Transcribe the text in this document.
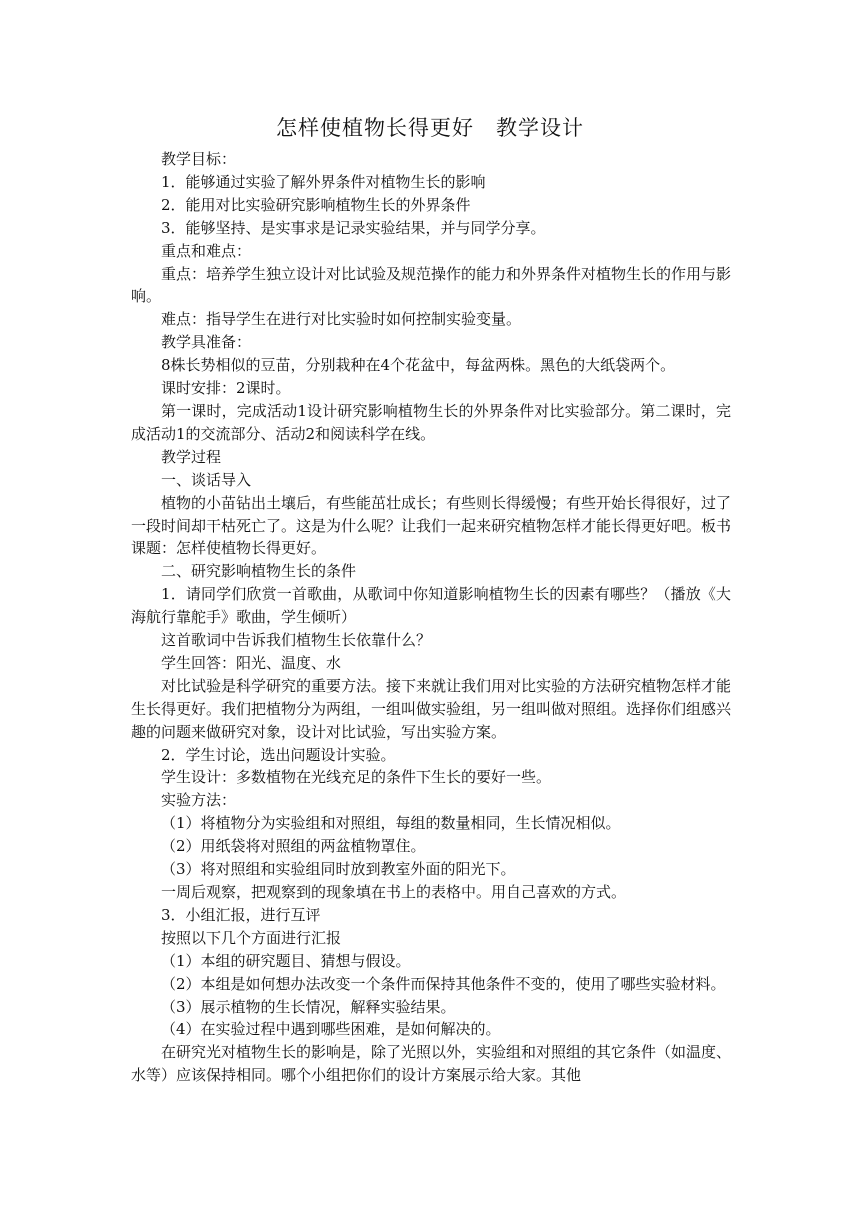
怎样使植物长得更好　教学设计

教学目标：

1．能够通过实验了解外界条件对植物生长的影响

2．能用对比实验研究影响植物生长的外界条件

3．能够坚持、是实事求是记录实验结果，并与同学分享。

重点和难点：

重点：培养学生独立设计对比试验及规范操作的能力和外界条件对植物生长的作用与影响。

难点：指导学生在进行对比实验时如何控制实验变量。

教学具准备：

8株长势相似的豆苗，分别栽种在4个花盆中，每盆两株。黑色的大纸袋两个。

课时安排：2课时。

第一课时，完成活动1设计研究影响植物生长的外界条件对比实验部分。第二课时，完成活动1的交流部分、活动2和阅读科学在线。

教学过程

一、谈话导入

植物的小苗钻出土壤后，有些能茁壮成长；有些则长得缓慢；有些开始长得很好，过了一段时间却干枯死亡了。这是为什么呢？让我们一起来研究植物怎样才能长得更好吧。板书课题：怎样使植物长得更好。

二、研究影响植物生长的条件

1．请同学们欣赏一首歌曲，从歌词中你知道影响植物生长的因素有哪些？（播放《大海航行靠舵手》歌曲，学生倾听）

这首歌词中告诉我们植物生长依靠什么？

学生回答：阳光、温度、水

对比试验是科学研究的重要方法。接下来就让我们用对比实验的方法研究植物怎样才能生长得更好。我们把植物分为两组，一组叫做实验组，另一组叫做对照组。选择你们组感兴趣的问题来做研究对象，设计对比试验，写出实验方案。

2．学生讨论，选出问题设计实验。

学生设计：多数植物在光线充足的条件下生长的要好一些。

实验方法：

（1）将植物分为实验组和对照组，每组的数量相同，生长情况相似。

（2）用纸袋将对照组的两盆植物罩住。

（3）将对照组和实验组同时放到教室外面的阳光下。

一周后观察，把观察到的现象填在书上的表格中。用自己喜欢的方式。

3．小组汇报，进行互评

按照以下几个方面进行汇报

（1）本组的研究题目、猜想与假设。

（2）本组是如何想办法改变一个条件而保持其他条件不变的，使用了哪些实验材料。

（3）展示植物的生长情况，解释实验结果。

（4）在实验过程中遇到哪些困难，是如何解决的。

在研究光对植物生长的影响是，除了光照以外，实验组和对照组的其它条件（如温度、水等）应该保持相同。哪个小组把你们的设计方案展示给大家。其他
